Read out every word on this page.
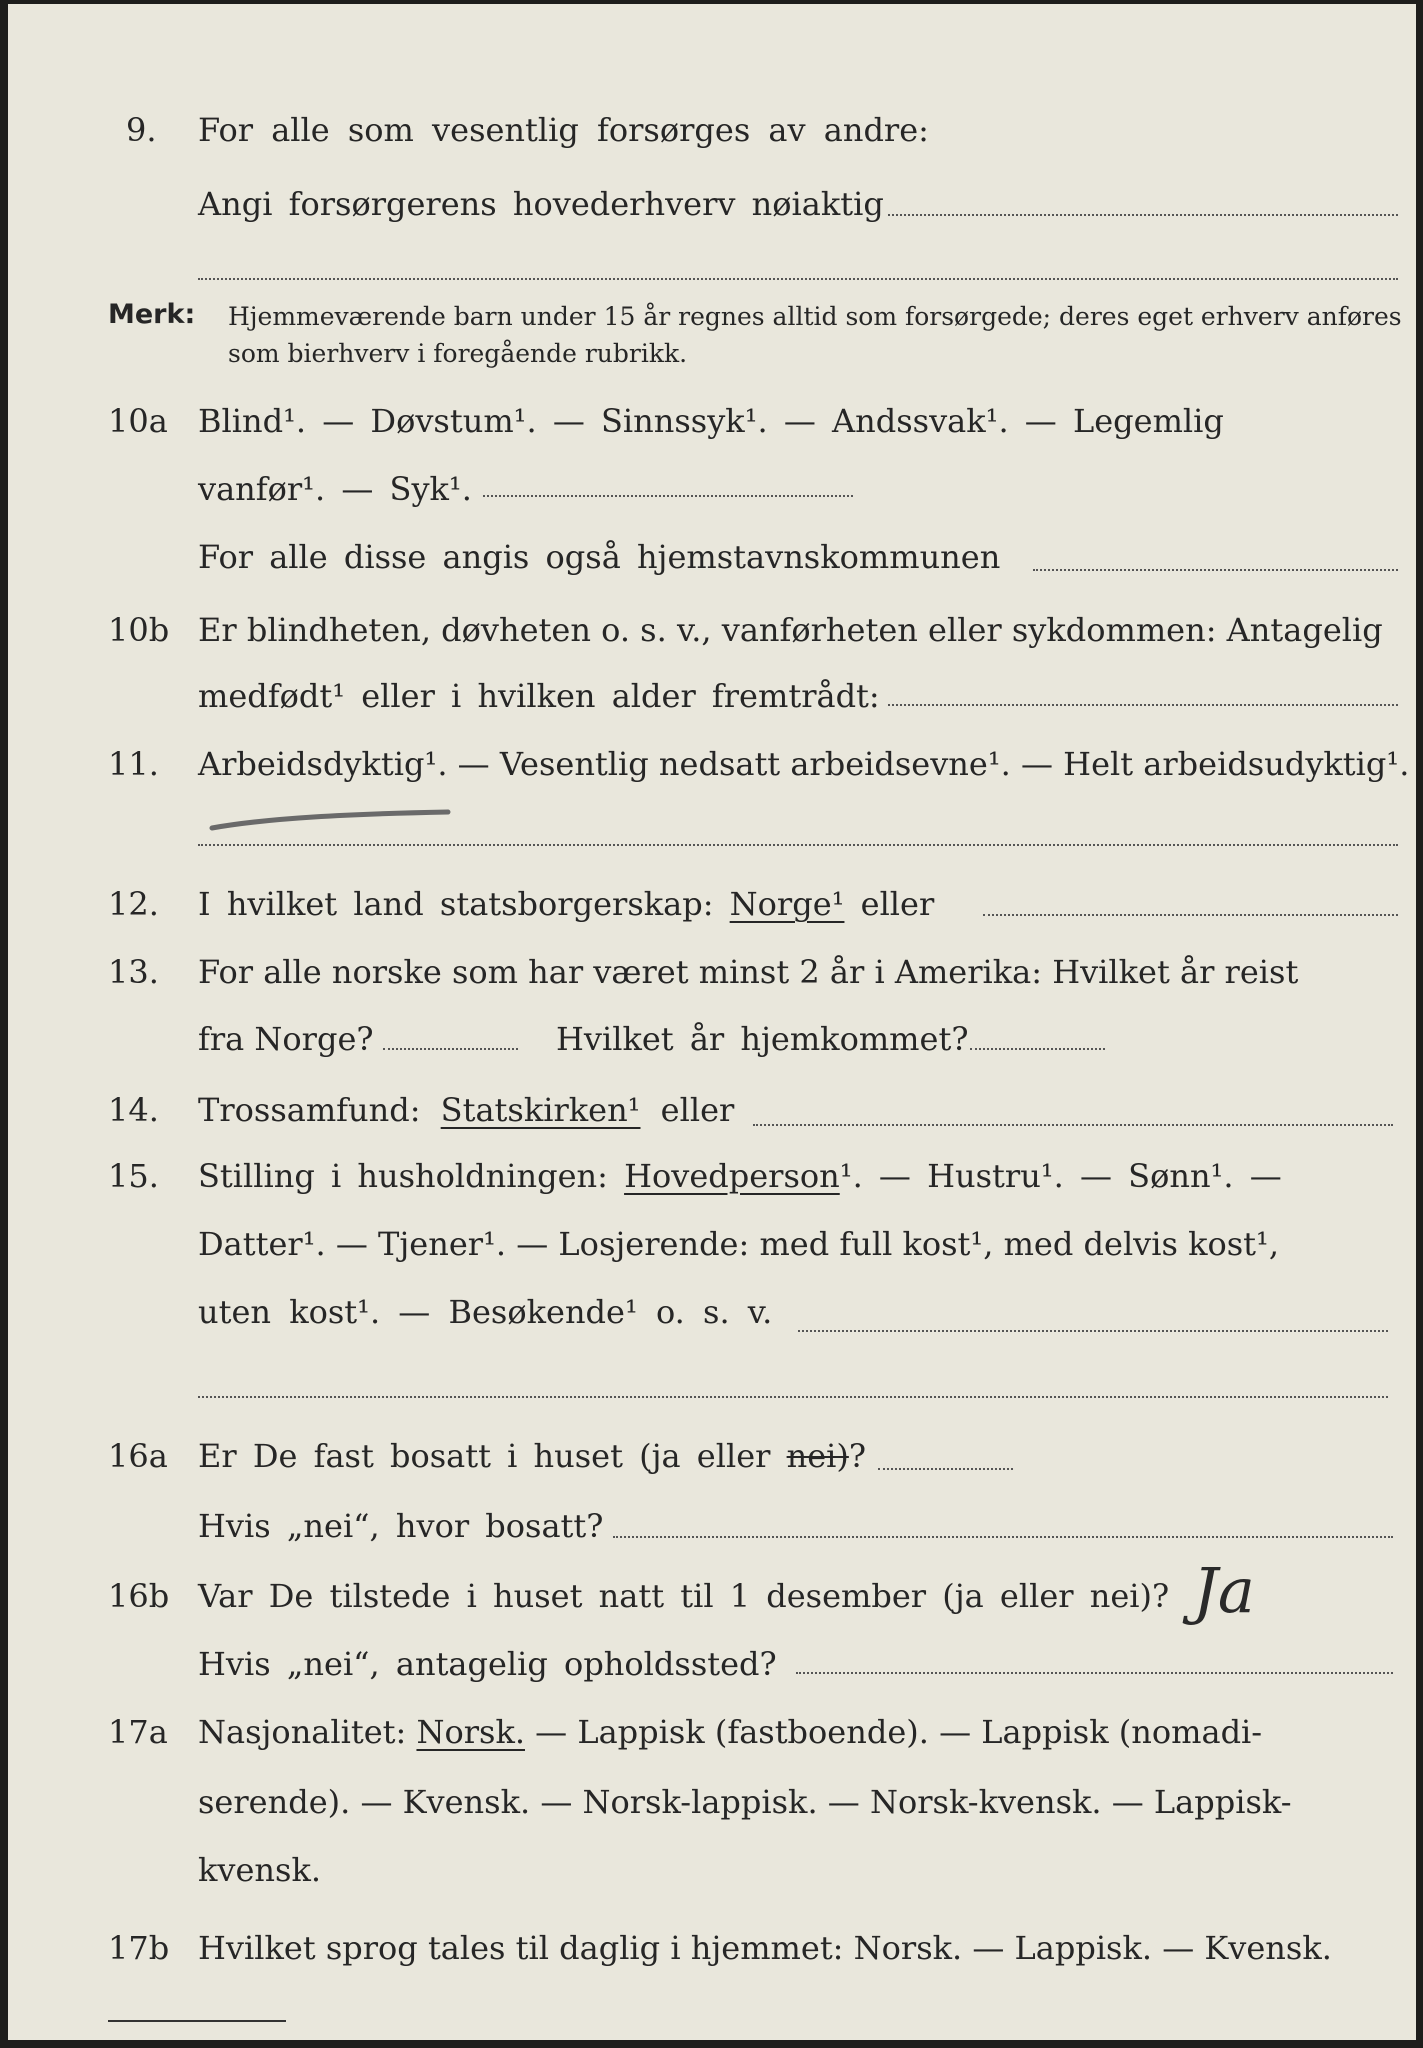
9. For alle som vesentlig forsørges av andre:
Angi forsørgerens hovederhverv nøiaktig
Merk: Hjemmeværende barn under 15 år regnes alltid som forsørgede; deres eget erhverv anføres som bierhverv i foregående rubrikk.
10a Blind¹. — Døvstum¹. — Sinnssyk¹. — Andssvak¹. — Legemlig
vanfør¹. — Syk¹.
For alle disse angis også hjemstavnskommunen
10b Er blindheten, døvheten o. s. v., vanførheten eller sykdommen: Antagelig
medfødt¹ eller i hvilken alder fremtrådt:
11. Arbeidsdyktig¹. — Vesentlig nedsatt arbeidsevne¹. — Helt arbeidsudyktig¹.
12. I hvilket land statsborgerskap: Norge¹ eller
13. For alle norske som har været minst 2 år i Amerika: Hvilket år reist
fra Norge?	Hvilket år hjemkommet?
14. Trossamfund: Statskirken¹ eller
15. Stilling i husholdningen: Hovedperson¹. — Hustru¹. — Sønn¹. —
Datter¹. — Tjener¹. — Losjerende: med full kost¹, med delvis kost¹,
uten kost¹. — Besøkende¹ o. s. v.
16a Er De fast bosatt i huset (ja eller nei)?
Hvis „nei“, hvor bosatt?
16b Var De tilstede i huset natt til 1 desember (ja eller nei)? Ja
Hvis „nei“, antagelig opholdssted?
17a Nasjonalitet: Norsk. — Lappisk (fastboende). — Lappisk (nomadi-
serende). — Kvensk. — Norsk-lappisk. — Norsk-kvensk. — Lappisk-
kvensk.
17b Hvilket sprog tales til daglig i hjemmet: Norsk. — Lappisk. — Kvensk.
